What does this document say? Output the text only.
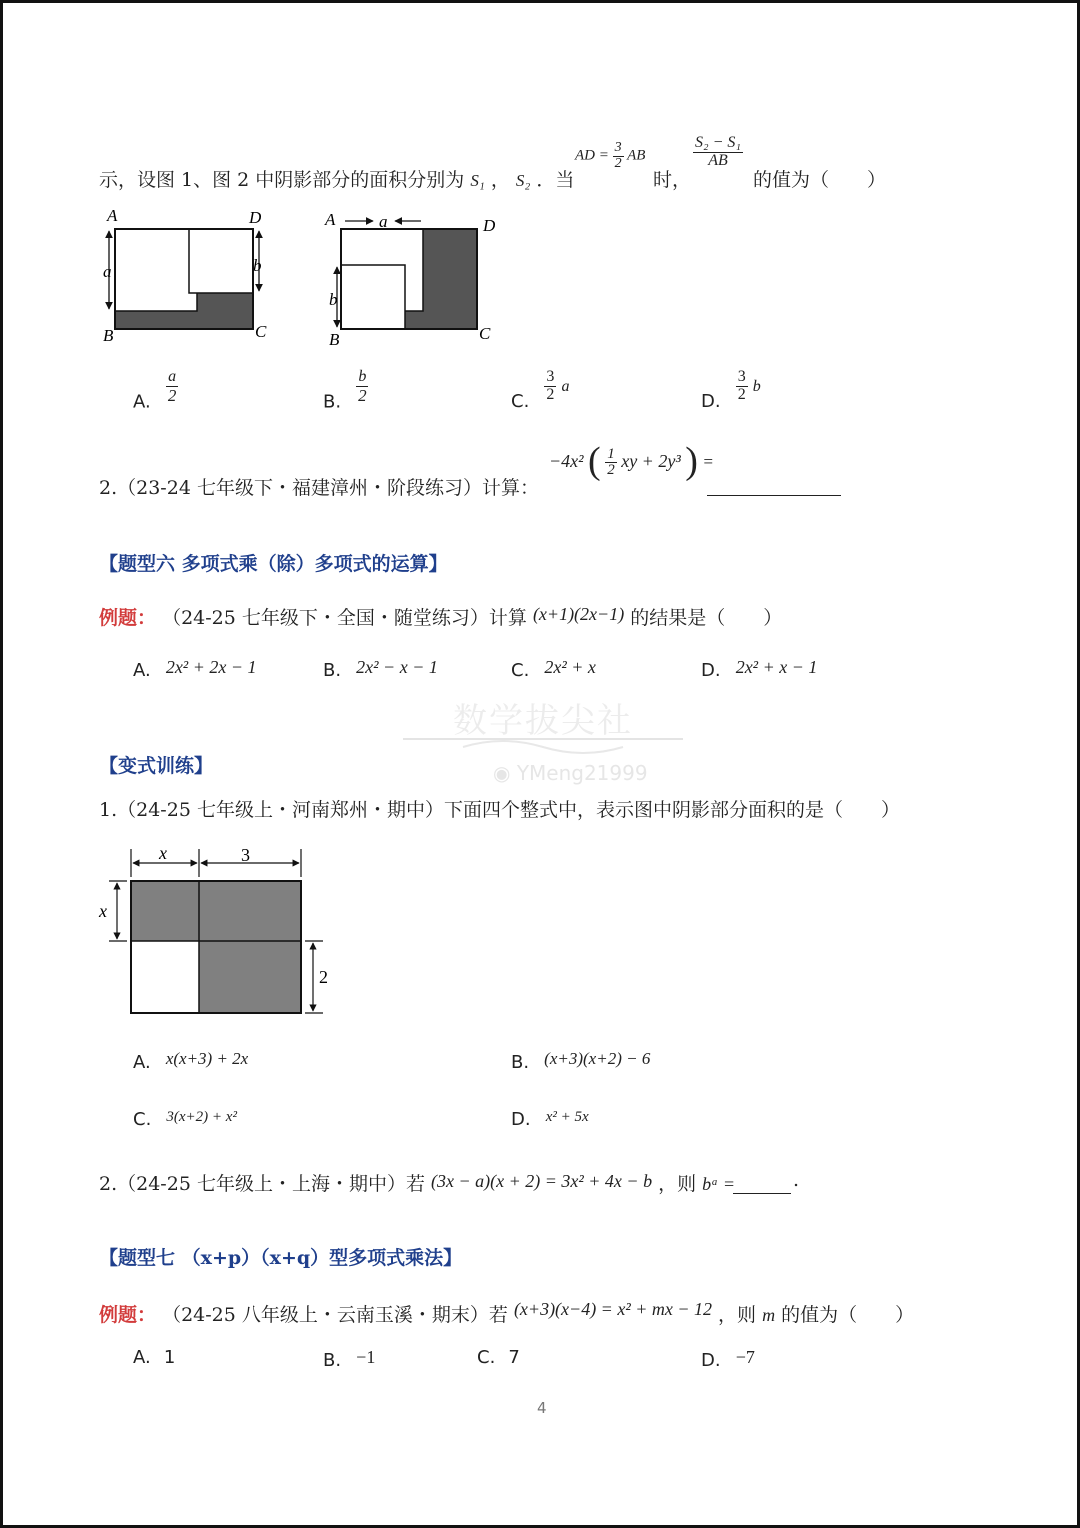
示，设图 1、图 2 中阴影部分的面积分别为 S₁ ， S₂ ．当
AD = $\frac{3}{2}$ AB
时，
$\frac{\text{S₂ − S₁}}{AB}$
的值为（　　）
A	D
B	C
a	b
A	a	D
B	C
b
A. $\frac{a}{2}$	B. $\frac{b}{2}$	C. $\frac{3}{2}$ a
D. $\frac{3}{2}$ b
2.（23-24 七年级下・福建漳州・阶段练习）计算：
−4x² ( $\frac{1}{2}$ xy + 2y³ ) =
【题型六 多项式乘（除）多项式的运算】
例题： （24-25 七年级下・全国・随堂练习）计算 (x+1)(2x−1) 的结果是（　　）
A. 2x² + 2x − 1	B. 2x² − x − 1	C. 2x² + x	D. 2x² + x − 1
数学拔尖社
◉ YMeng21999
【变式训练】
1.（24-25 七年级上・河南郑州・期中）下面四个整式中，表示图中阴影部分面积的是（　　）
x	3
x
2
A. x(x+3) + 2x	B. (x+3)(x+2) − 6
C. 3(x+2) + x²	D. x² + 5x
2.（24-25 七年级上・上海・期中）若 (3x − a)(x + 2) = 3x² + 4x − b ，则 bᵃ =	.
【题型七 （x+p）（x+q）型多项式乘法】
例题： （24-25 八年级上・云南玉溪・期末）若 (x+3)(x−4) = x² + mx − 12 ，则 m 的值为（　　）
A. 1	B. −1	C. 7	D. −7
4
